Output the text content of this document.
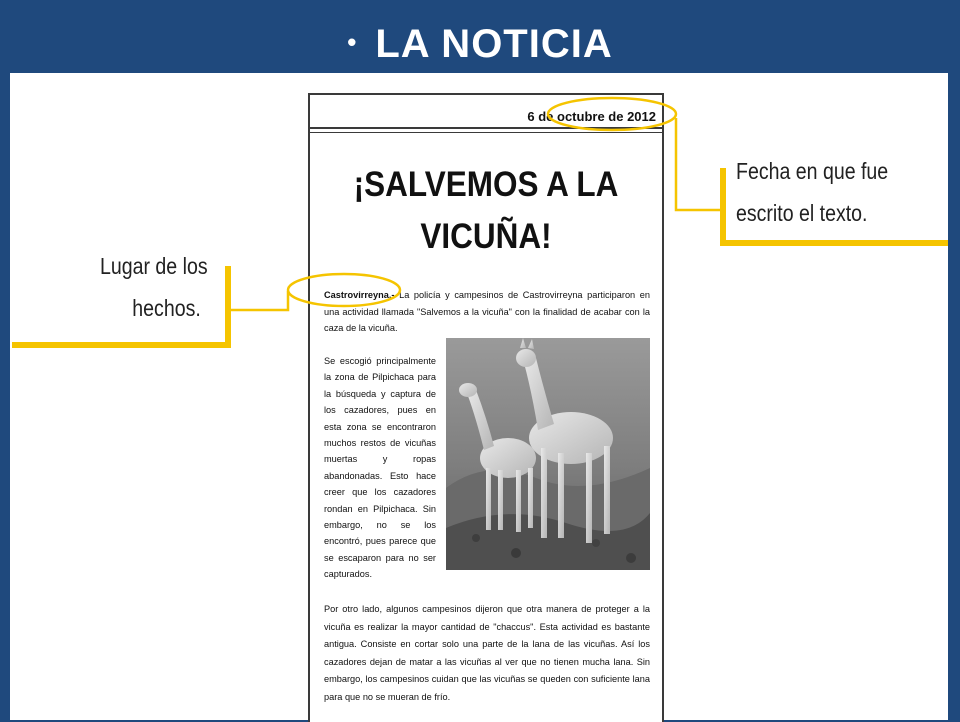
• LA NOTICIA
6 de octubre de 2012
¡SALVEMOS A LA
VICUÑA!
Castrovirreyna.- La policía y campesinos de Castrovirreyna participaron en una actividad llamada "Salvemos a la vicuña" con la finalidad de acabar con la caza de la vicuña.
Se escogió principalmente la zona de Pilpichaca para la búsqueda y captura de los cazadores, pues en esta zona se encontraron muchos restos de vicuñas muertas y ropas abandonadas. Esto hace creer que los cazadores rondan en Pilpichaca. Sin embargo, no se los encontró, pues parece que se escaparon para no ser capturados.
Por otro lado, algunos campesinos dijeron que otra manera de proteger a la vicuña es realizar la mayor cantidad de "chaccus". Esta actividad es bastante antigua. Consiste en cortar solo una parte de la lana de las vicuñas. Así los cazadores dejan de matar a las vicuñas al ver que no tienen mucha lana. Sin embargo, los campesinos cuidan que las vicuñas se queden con suficiente lana para que no se mueran de frío.
Lugar de los
hechos.
Fecha en que fue
escrito el texto.
